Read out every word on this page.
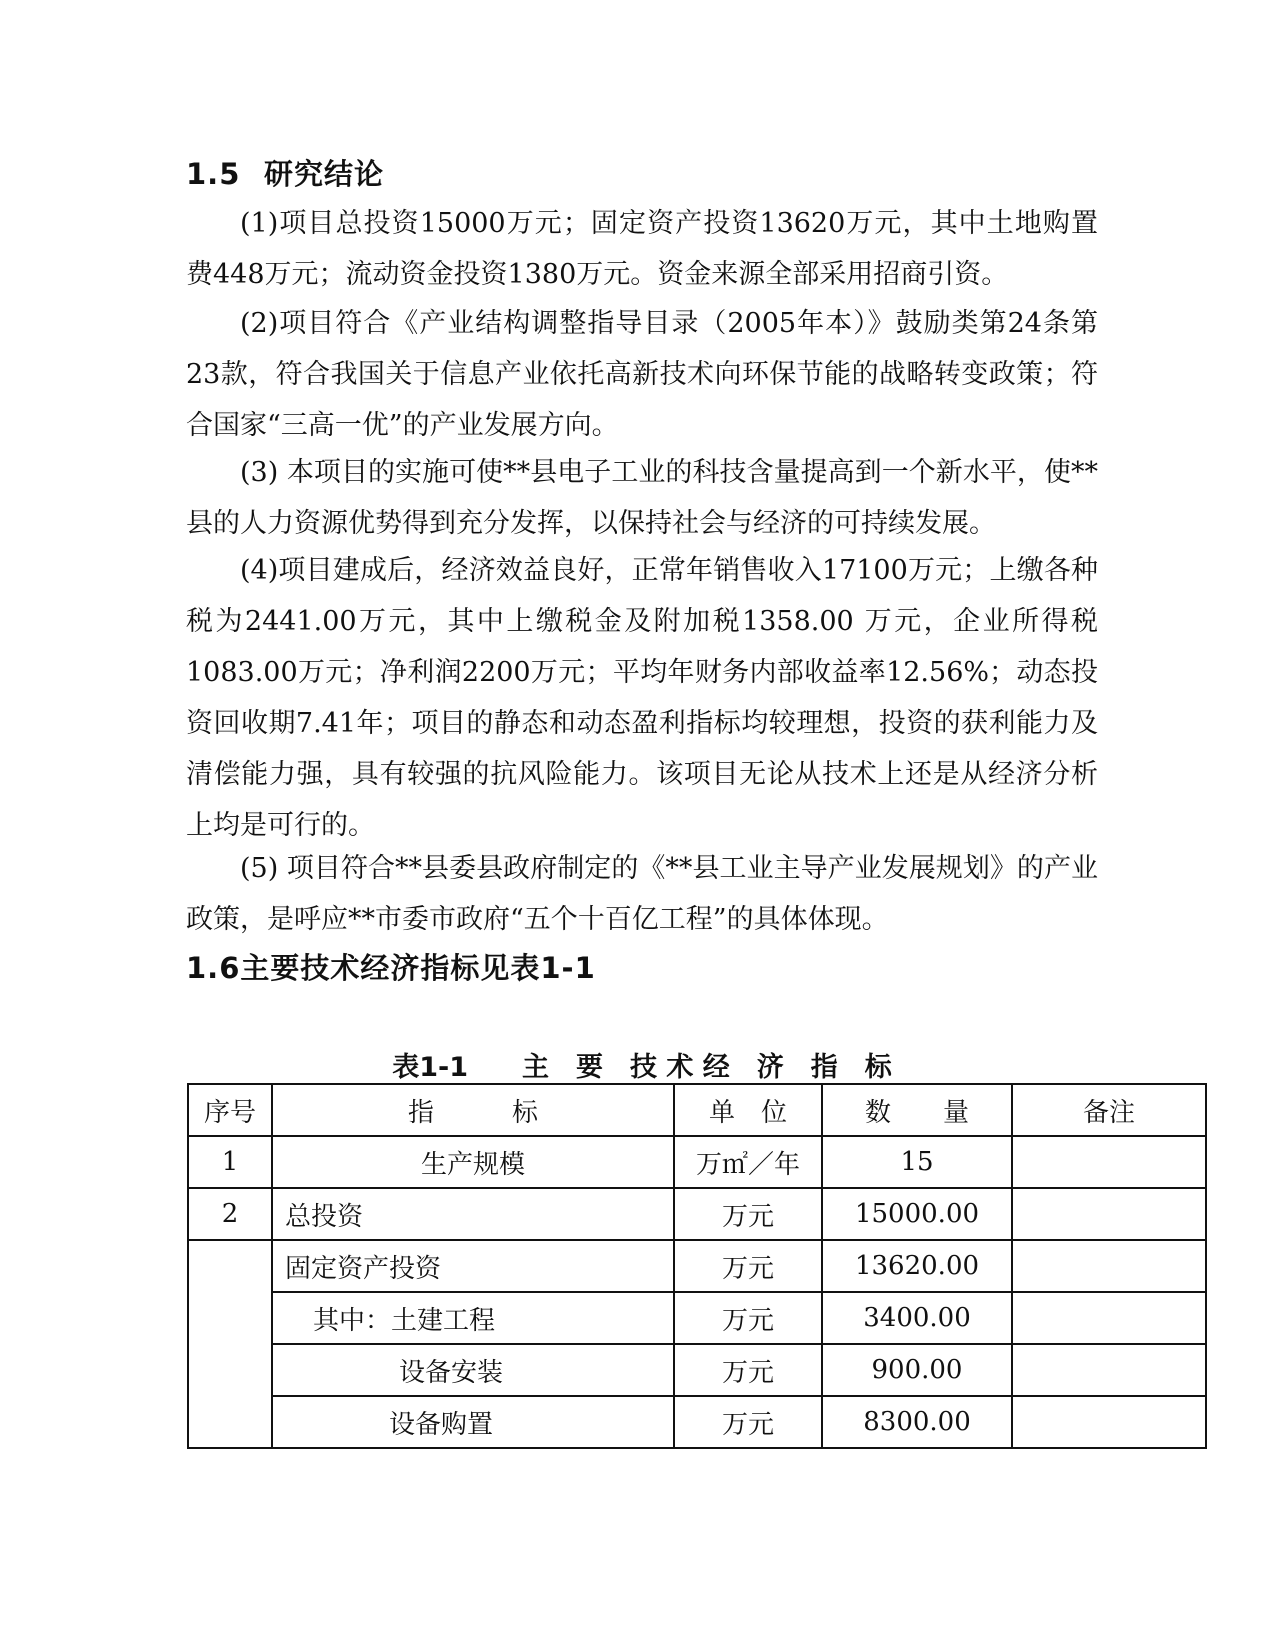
1.5 研究结论

(1)项目总投资15000万元；固定资产投资13620万元，其中土地购置费448万元；流动资金投资1380万元。资金来源全部采用招商引资。

(2)项目符合《产业结构调整指导目录（2005年本）》鼓励类第24条第23款，符合我国关于信息产业依托高新技术向环保节能的战略转变政策；符合国家“三高一优”的产业发展方向。

(3) 本项目的实施可使**县电子工业的科技含量提高到一个新水平，使**县的人力资源优势得到充分发挥，以保持社会与经济的可持续发展。

(4)项目建成后，经济效益良好，正常年销售收入17100万元；上缴各种税为2441.00万元，其中上缴税金及附加税1358.00 万元，企业所得税1083.00万元；净利润2200万元；平均年财务内部收益率12.56%；动态投资回收期7.41年；项目的静态和动态盈利指标均较理想，投资的获利能力及清偿能力强，具有较强的抗风险能力。该项目无论从技术上还是从经济分析上均是可行的。

(5) 项目符合**县委县政府制定的《**县工业主导产业发展规划》的产业政策，是呼应**市委市政府“五个十百亿工程”的具体体现。

1.6主要技术经济指标见表1-1
表1-1　　主　要　技 术 经　济　指　标
序号	指　　　标	单　位	数　　量	备注
1	生产规模	万㎡／年	15	
2	总投资	万元	15000.00	
	固定资产投资	万元	13620.00	
	其中：土建工程	万元	3400.00	
	设备安装	万元	900.00	
	设备购置	万元	8300.00	
